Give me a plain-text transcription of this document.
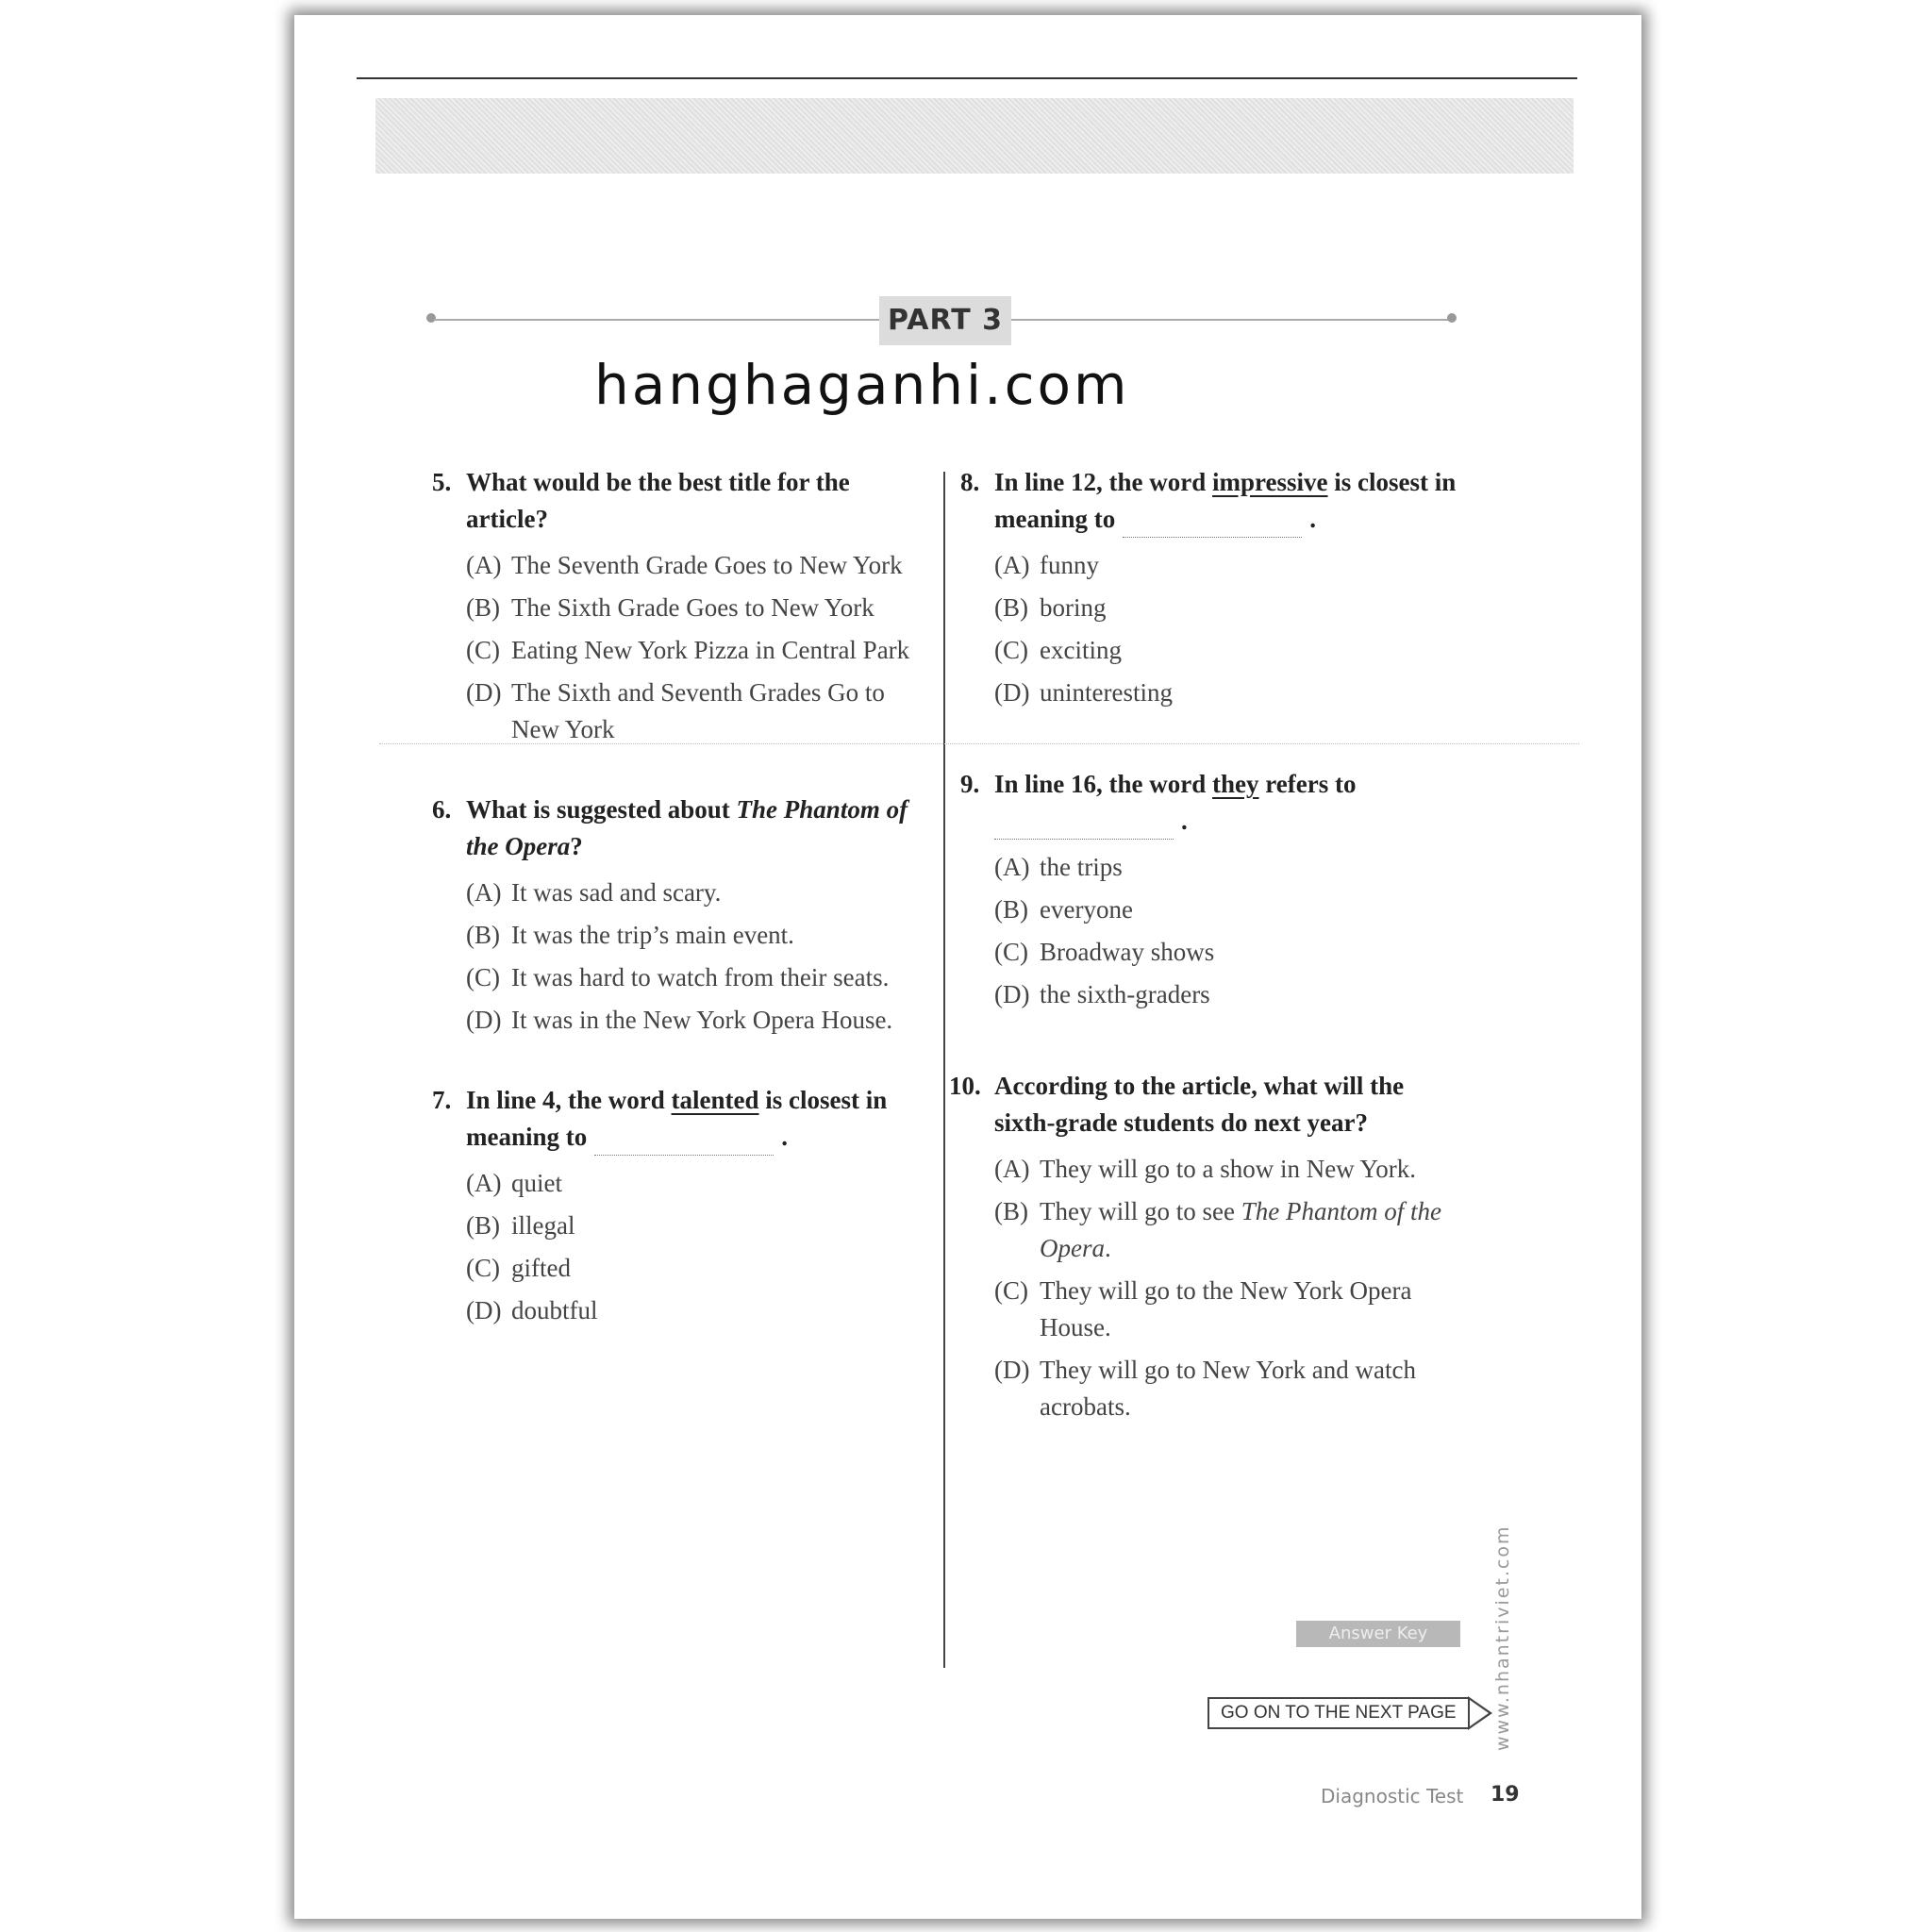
PART 3
5. What would be the best title for the article?
(A) The Seventh Grade Goes to New York
(B) The Sixth Grade Goes to New York
(C) Eating New York Pizza in Central Park
(D) The Sixth and Seventh Grades Go to New York
6. What is suggested about The Phantom of the Opera?
(A) It was sad and scary.
(B) It was the trip’s main event.
(C) It was hard to watch from their seats.
(D) It was in the New York Opera House.
7. In line 4, the word talented is closest in meaning to	.
(A) quiet
(B) illegal
(C) gifted
(D) doubtful
8. In line 12, the word impressive is closest in meaning to	.
(A) funny
(B) boring
(C) exciting
(D) uninteresting
9. In line 16, the word they refers to
.
(A) the trips
(B) everyone
(C) Broadway shows
(D) the sixth-graders
10. According to the article, what will the sixth-grade students do next year?
(A) They will go to a show in New York.
(B) They will go to see The Phantom of the Opera.
(C) They will go to the New York Opera House.
(D) They will go to New York and watch acrobats.
Answer Key
GO ON TO THE NEXT PAGE	www.nhantriviet.com
Diagnostic Test 19
hanghaganhi.com
